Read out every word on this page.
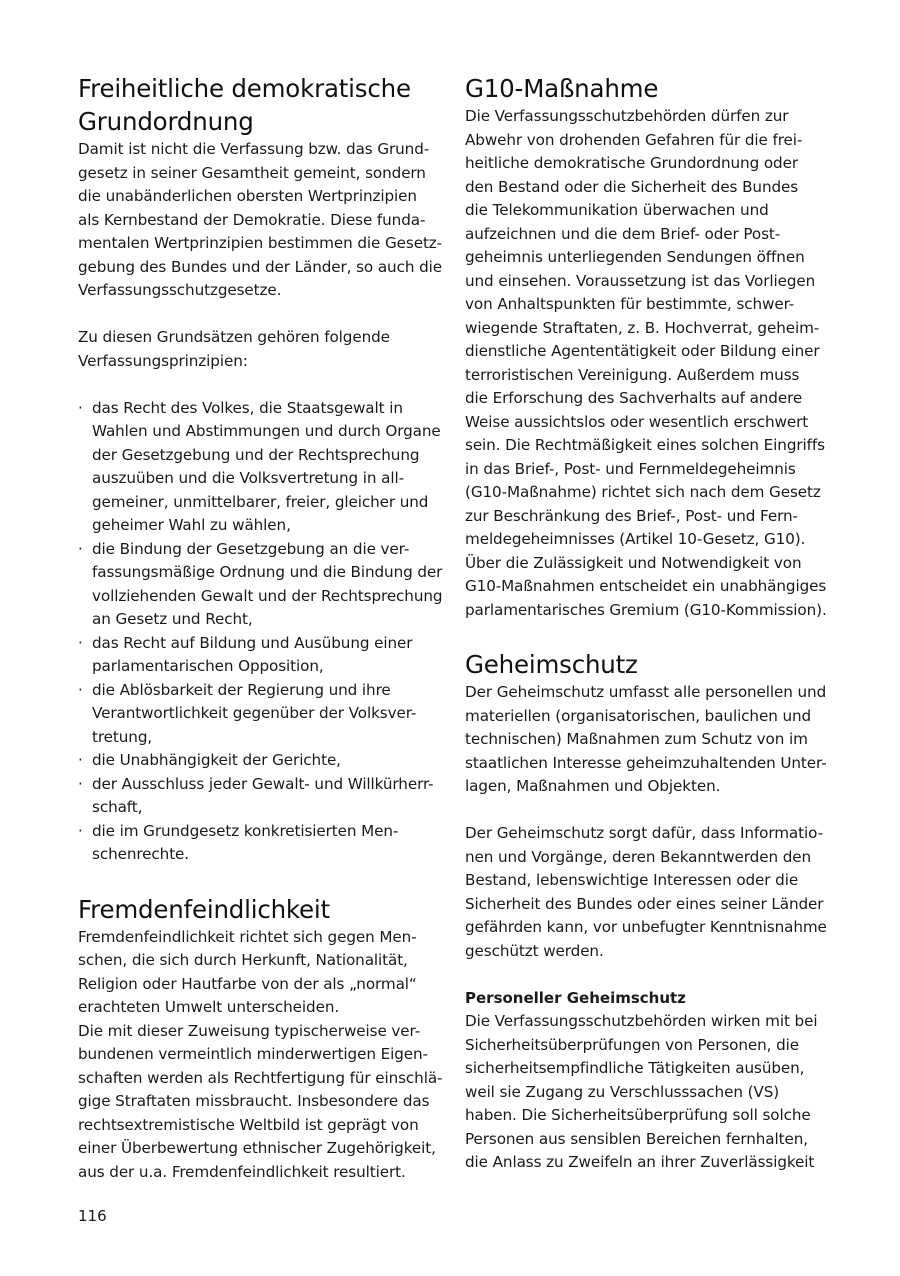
Freiheitliche demokratische
Grundordnung
Damit ist nicht die Verfassung bzw. das Grund-
gesetz in seiner Gesamtheit gemeint, sondern
die unabänderlichen obersten Wertprinzipien
als Kernbestand der Demokratie. Diese funda-
mentalen Wertprinzipien bestimmen die Gesetz-
gebung des Bundes und der Länder, so auch die
Verfassungsschutzgesetze.
Zu diesen Grundsätzen gehören folgende
Verfassungsprinzipien:
· das Recht des Volkes, die Staatsgewalt in
Wahlen und Abstimmungen und durch Organe
der Gesetzgebung und der Rechtsprechung
auszuüben und die Volksvertretung in all-
gemeiner, unmittelbarer, freier, gleicher und
geheimer Wahl zu wählen,
· die Bindung der Gesetzgebung an die ver-
fassungsmäßige Ordnung und die Bindung der
vollziehenden Gewalt und der Rechtsprechung
an Gesetz und Recht,
· das Recht auf Bildung und Ausübung einer
parlamentarischen Opposition,
· die Ablösbarkeit der Regierung und ihre
Verantwortlichkeit gegenüber der Volksver-
tretung,
· die Unabhängigkeit der Gerichte,
· der Ausschluss jeder Gewalt- und Willkürherr-
schaft,
· die im Grundgesetz konkretisierten Men-
schenrechte.
Fremdenfeindlichkeit
Fremdenfeindlichkeit richtet sich gegen Men-
schen, die sich durch Herkunft, Nationalität,
Religion oder Hautfarbe von der als „normal“
erachteten Umwelt unterscheiden.
Die mit dieser Zuweisung typischerweise ver-
bundenen vermeintlich minderwertigen Eigen-
schaften werden als Rechtfertigung für einschlä-
gige Straftaten missbraucht. Insbesondere das
rechtsextremistische Weltbild ist geprägt von
einer Überbewertung ethnischer Zugehörigkeit,
aus der u.a. Fremdenfeindlichkeit resultiert.
G10-Maßnahme
Die Verfassungsschutzbehörden dürfen zur
Abwehr von drohenden Gefahren für die frei-
heitliche demokratische Grundordnung oder
den Bestand oder die Sicherheit des Bundes
die Telekommunikation überwachen und
aufzeichnen und die dem Brief- oder Post-
geheimnis unterliegenden Sendungen öffnen
und einsehen. Voraussetzung ist das Vorliegen
von Anhaltspunkten für bestimmte, schwer-
wiegende Straftaten, z. B. Hochverrat, geheim-
dienstliche Agententätigkeit oder Bildung einer
terroristischen Vereinigung. Außerdem muss
die Erforschung des Sachverhalts auf andere
Weise aussichtslos oder wesentlich erschwert
sein. Die Rechtmäßigkeit eines solchen Eingriffs
in das Brief-, Post- und Fernmeldegeheimnis
(G10-Maßnahme) richtet sich nach dem Gesetz
zur Beschränkung des Brief-, Post- und Fern-
meldegeheimnisses (Artikel 10-Gesetz, G10).
Über die Zulässigkeit und Notwendigkeit von
G10-Maßnahmen entscheidet ein unabhängiges
parlamentarisches Gremium (G10-Kommission).
Geheimschutz
Der Geheimschutz umfasst alle personellen und
materiellen (organisatorischen, baulichen und
technischen) Maßnahmen zum Schutz von im
staatlichen Interesse geheimzuhaltenden Unter-
lagen, Maßnahmen und Objekten.
Der Geheimschutz sorgt dafür, dass Informatio-
nen und Vorgänge, deren Bekanntwerden den
Bestand, lebenswichtige Interessen oder die
Sicherheit des Bundes oder eines seiner Länder
gefährden kann, vor unbefugter Kenntnisnahme
geschützt werden.
Personeller Geheimschutz
Die Verfassungsschutzbehörden wirken mit bei
Sicherheitsüberprüfungen von Personen, die
sicherheitsempfindliche Tätigkeiten ausüben,
weil sie Zugang zu Verschlusssachen (VS)
haben. Die Sicherheitsüberprüfung soll solche
Personen aus sensiblen Bereichen fernhalten,
die Anlass zu Zweifeln an ihrer Zuverlässigkeit
116
